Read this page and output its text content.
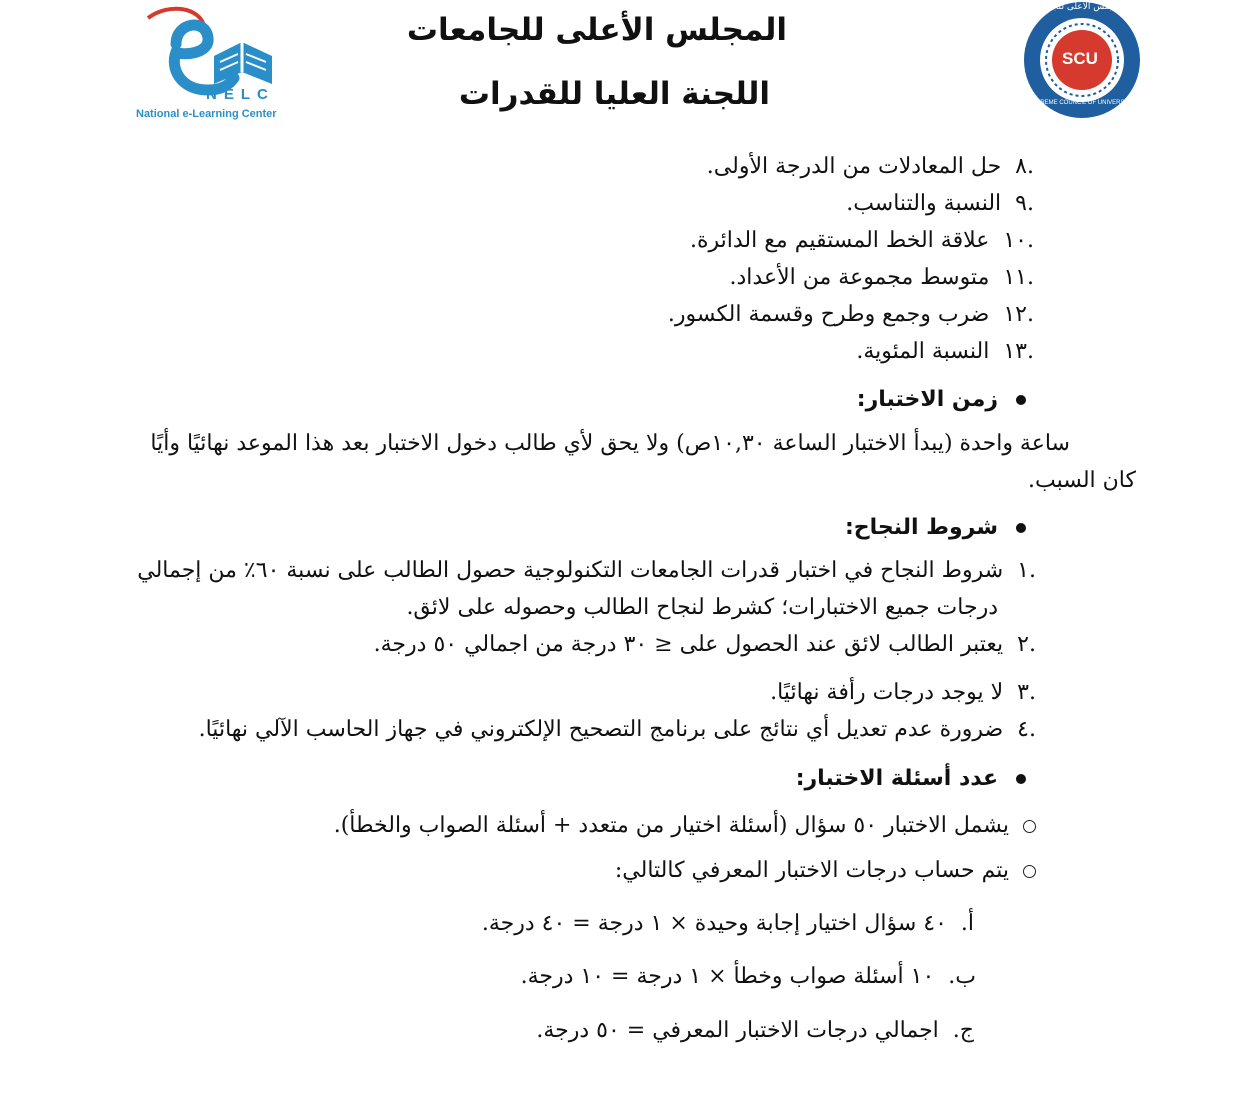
NELC
National e-Learning Center
SCU
المجلس الأعلى للجامعات
SUPREME COUNCIL OF UNIVERSITIES
المجلس الأعلى للجامعات
اللجنة العليا للقدرات
.٨حل المعادلات من الدرجة الأولى.
.٩النسبة والتناسب.
.١٠علاقة الخط المستقيم مع الدائرة.
.١١متوسط مجموعة من الأعداد.
.١٢ضرب وجمع وطرح وقسمة الكسور.
.١٣النسبة المئوية.
زمن الاختبار:
ساعة واحدة (يبدأ الاختبار الساعة ١٠,٣٠ص) ولا يحق لأي طالب دخول الاختبار بعد هذا الموعد نهائيًا وأيًا
كان السبب.
شروط النجاح:
.١شروط النجاح في اختبار قدرات الجامعات التكنولوجية حصول الطالب على نسبة ٦٠٪ من إجمالي
درجات جميع الاختبارات؛ كشرط لنجاح الطالب وحصوله على لائق.
.٢يعتبر الطالب لائق عند الحصول على ≤ ٣٠ درجة من اجمالي ٥٠ درجة.
.٣لا يوجد درجات رأفة نهائيًا.
.٤ضرورة عدم تعديل أي نتائج على برنامج التصحيح الإلكتروني في جهاز الحاسب الآلي نهائيًا.
عدد أسئلة الاختبار:
يشمل الاختبار ٥٠ سؤال (أسئلة اختيار من متعدد + أسئلة الصواب والخطأ).
يتم حساب درجات الاختبار المعرفي كالتالي:
أ.٤٠ سؤال اختيار إجابة وحيدة × ١ درجة = ٤٠ درجة.
ب.١٠ أسئلة صواب وخطأ × ١ درجة = ١٠ درجة.
ج.اجمالي درجات الاختبار المعرفي = ٥٠ درجة.
